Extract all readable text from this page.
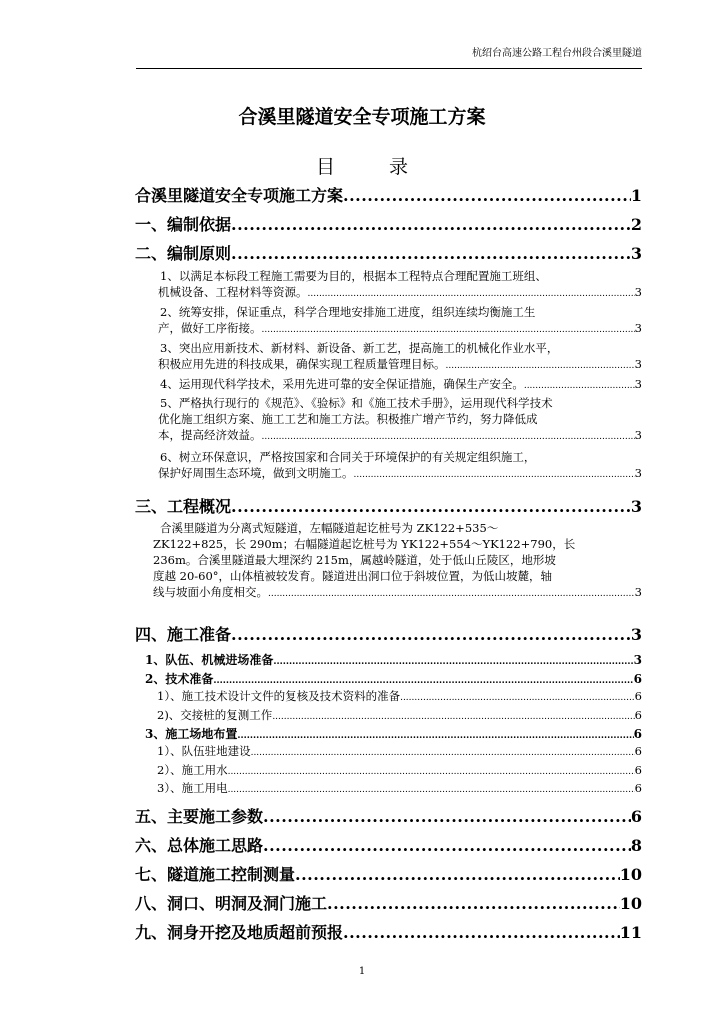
杭绍台高速公路工程台州段合溪里隧道
合溪里隧道安全专项施工方案
目 录
合溪里隧道安全专项施工方案 .....	1
一、编制依据 .....	2
二、编制原则 .....	3
1、以满足本标段工程施工需要为目的，根据本工程特点合理配置施工班组、
机械设备、工程材料等资源。 .....	3
2、统筹安排，保证重点，科学合理地安排施工进度，组织连续均衡施工生
产，做好工序衔接。 .....	3
3、突出应用新技术、新材料、新设备、新工艺，提高施工的机械化作业水平，
积极应用先进的科技成果，确保实现工程质量管理目标。 .....	3
4、运用现代科学技术，采用先进可靠的安全保证措施，确保生产安全。 .....	3
5、严格执行现行的《规范》、《验标》和《施工技术手册》，运用现代科学技术
优化施工组织方案、施工工艺和施工方法。积极推广增产节约，努力降低成
本，提高经济效益。 .....	3
6、树立环保意识，严格按国家和合同关于环境保护的有关规定组织施工，
保护好周围生态环境，做到文明施工。 .....	3
三、工程概况 .....	3
合溪里隧道为分离式短隧道，左幅隧道起讫桩号为 ZK122+535～
ZK122+825，长 290m；右幅隧道起讫桩号为 YK122+554～YK122+790，长
236m。合溪里隧道最大埋深约 215m，属越岭隧道，处于低山丘陵区，地形坡
度越 20-60°，山体植被较发育。隧道进出洞口位于斜坡位置，为低山坡麓，轴
线与坡面小角度相交。 .....	3
四、施工准备 .....	3
1、队伍、机械进场准备 .....	3
2、技术准备 .....	6
1）、施工技术设计文件的复核及技术资料的准备 .....	6
2)、交接桩的复测工作 .....	6
3、施工场地布置 .....	6
1）、队伍驻地建设 .....	6
2）、施工用水 .....	6
3）、施工用电 .....	6
五、主要施工参数 .....	6
六、总体施工思路 .....	8
七、隧道施工控制测量 .....	10
八、洞口、明洞及洞门施工 .....	10
九、洞身开挖及地质超前预报 .....	11
1
